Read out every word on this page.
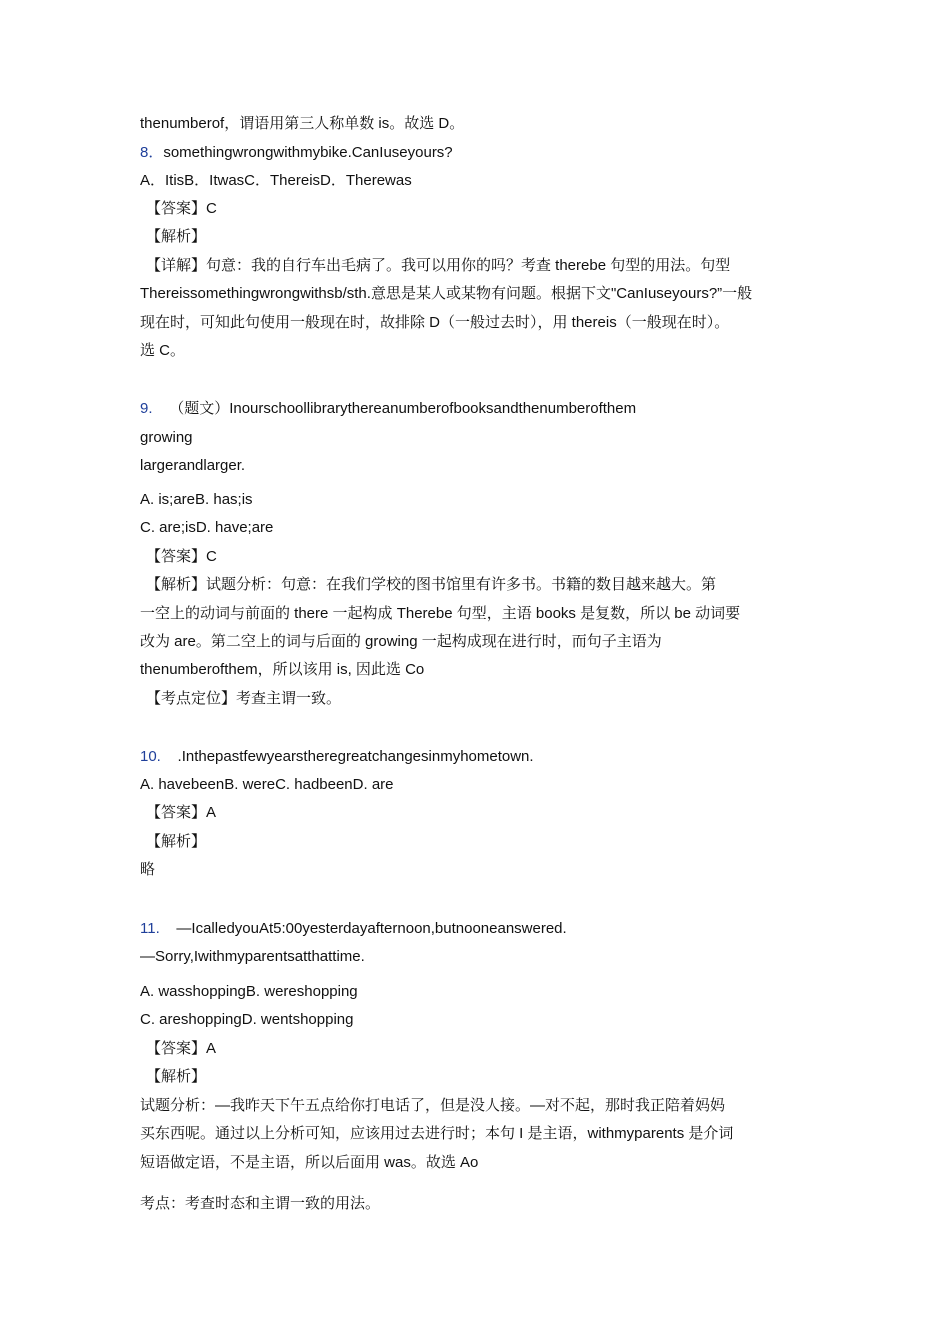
thenumberof，谓语用第三人称单数 is。故选 D。
8．somethingwrongwithmybike.CanIuseyours?
A．ItisB．ItwasC．ThereisD．Therewas
【答案】C
【解析】
【详解】句意：我的自行车出毛病了。我可以用你的吗？考查 therebe 句型的用法。句型
Thereissomethingwrongwithsb/sth.意思是某人或某物有问题。根据下文"CanIuseyours?”一般
现在时，可知此句使用一般现在时，故排除 D（一般过去时），用 thereis（一般现在时）。
选 C。
9. （题文）Inourschoollibrarythereanumberofbooksandthenumberofthem
growing
largerandlarger.
A. is;areB. has;is
C. are;isD. have;are
【答案】C
【解析】试题分析：句意：在我们学校的图书馆里有许多书。书籍的数目越来越大。第
一空上的动词与前面的 there 一起构成 Therebe 句型，主语 books 是复数，所以 be 动词要
改为 are。第二空上的词与后面的 growing 一起构成现在进行时，而句子主语为
thenumberofthem，所以该用 is, 因此选 Co
【考点定位】考查主谓一致。
10. .Inthepastfewyearstheregreatchangesinmyhometown.
A. havebeenB. wereC. hadbeenD. are
【答案】A
【解析】
略
11. —IcalledyouAt5:00yesterdayafternoon,butnooneanswered.
—Sorry,Iwithmyparentsatthattime.
A. wasshoppingB. wereshopping
C. areshoppingD. wentshopping
【答案】A
【解析】
试题分析：—我昨天下午五点给你打电话了，但是没人接。—对不起，那时我正陪着妈妈
买东西呢。通过以上分析可知，应该用过去进行时；本句 I 是主语，withmyparents 是介词
短语做定语，不是主语，所以后面用 was。故选 Ao
考点：考查时态和主谓一致的用法。
